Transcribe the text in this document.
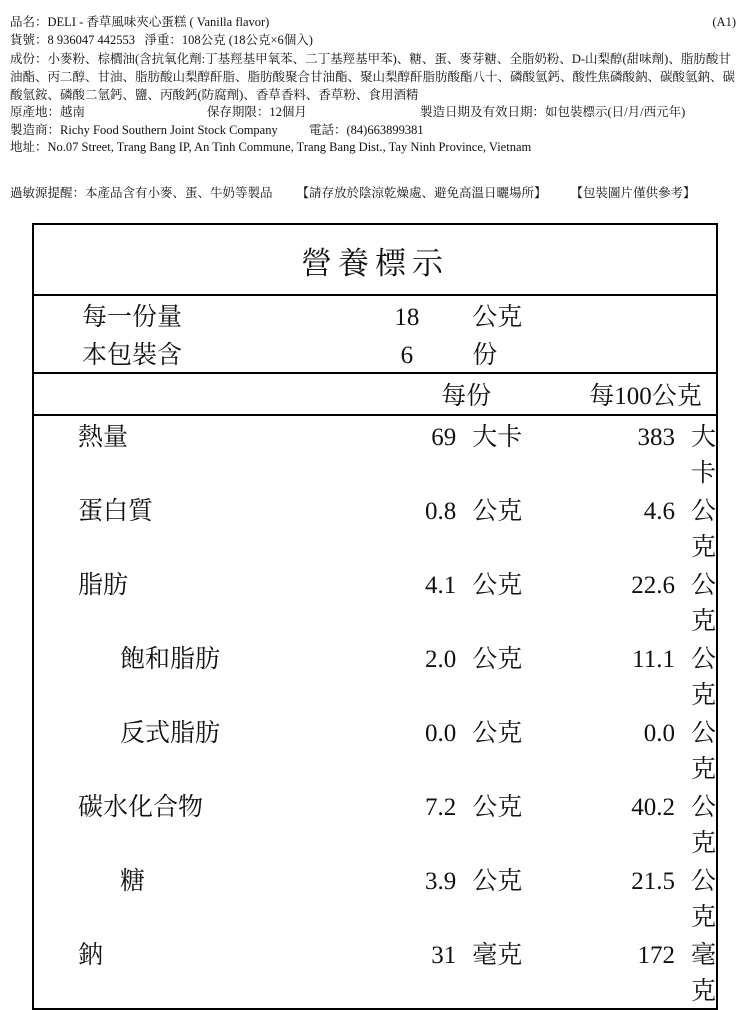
品名：DELI - 香草風味夾心蛋糕 ( Vanilla flavor)	(A1)
貨號：8 936047 442553 淨重：108公克 (18公克×6個入)
成份：小麥粉、棕櫚油(含抗氧化劑:丁基羥基甲氧苯、二丁基羥基甲苯)、糖、蛋、麥芽糖、全脂奶粉、D-山梨醇(甜味劑)、脂肪酸甘油酯、丙二醇、甘油、脂肪酸山梨醇酐脂、脂肪酸聚合甘油酯、聚山梨醇酐脂肪酸酯八十、磷酸氫鈣、酸性焦磷酸鈉、碳酸氫鈉、碳酸氫銨、磷酸二氫鈣、鹽、丙酸鈣(防腐劑)、香草香料、香草粉、食用酒精
原產地：越南	保存期限：12個月	製造日期及有效日期：如包裝標示(日/月/西元年)
製造商：Richy Food Southern Joint Stock Company	電話：(84)663899381
地址：No.07 Street, Trang Bang IP, An Tinh Commune, Trang Bang Dist., Tay Ninh Province, Vietnam
過敏源提醒：本產品含有小麥、蛋、牛奶等製品 【請存放於陰涼乾燥處、避免高溫日曬場所】 【包裝圖片僅供參考】
營養標示
每一份量	18	公克		
本包裝含	6	份		
	每份		每100公克	
熱量	69	大卡	383	大卡
蛋白質	0.8	公克	4.6	公克
脂肪	4.1	公克	22.6	公克
飽和脂肪	2.0	公克	11.1	公克
反式脂肪	0.0	公克	0.0	公克
碳水化合物	7.2	公克	40.2	公克
糖	3.9	公克	21.5	公克
鈉	31	毫克	172	毫克
